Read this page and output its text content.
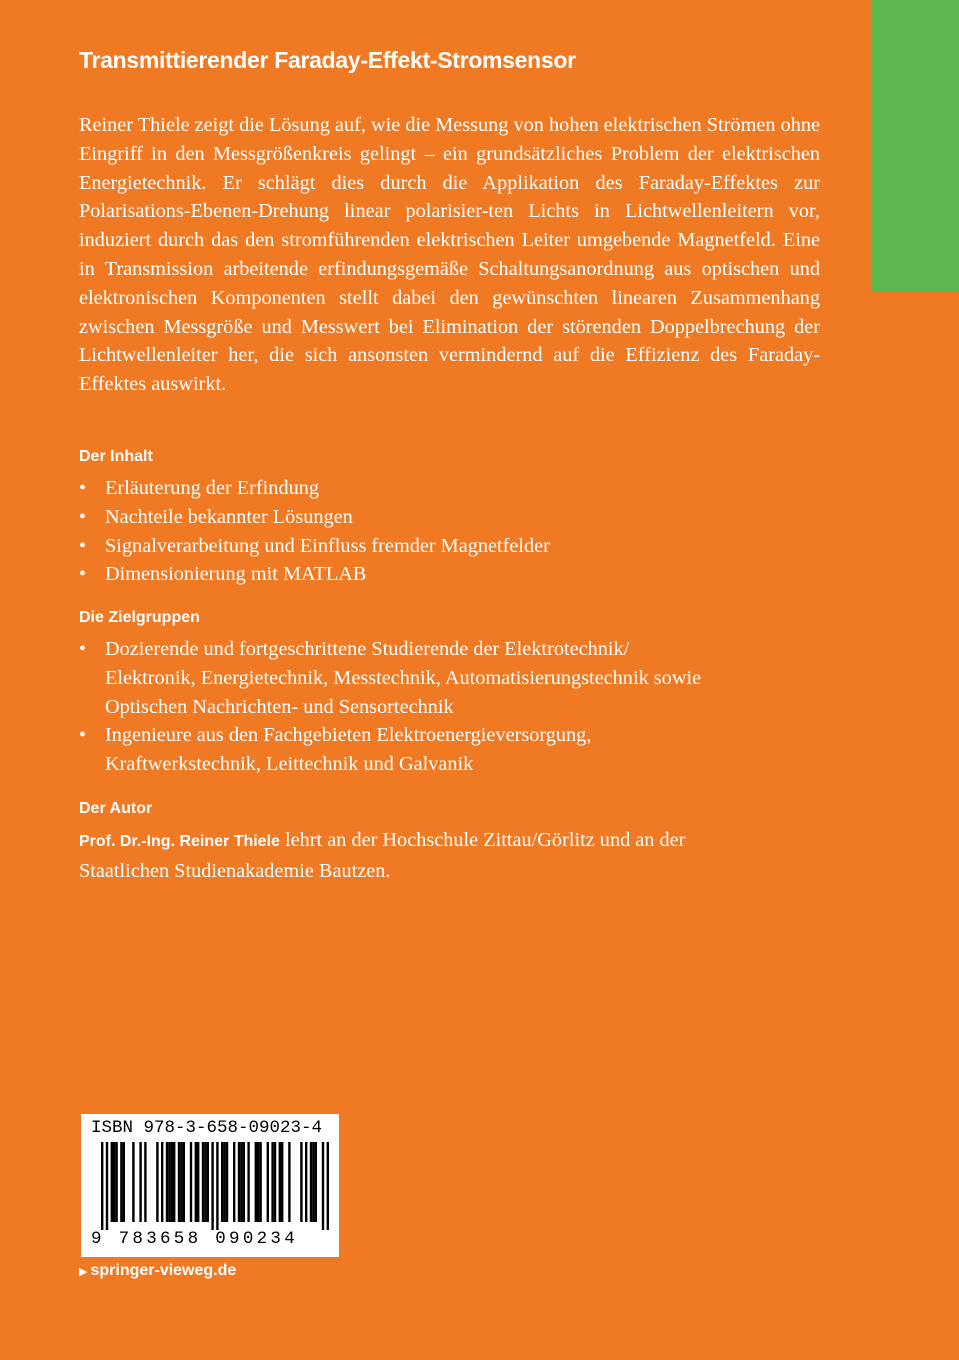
Transmittierender Faraday-Effekt-Stromsensor

Reiner Thiele zeigt die Lösung auf, wie die Messung von hohen elektrischen Strömen ohne Eingriff in den Messgrößenkreis gelingt – ein grundsätzliches Problem der elektrischen Energietechnik. Er schlägt dies durch die Applikation des Faraday-Effektes zur Polarisations-Ebenen-Drehung linear polarisier-ten Lichts in Lichtwellenleitern vor, induziert durch das den stromführenden elektrischen Leiter umgebende Magnetfeld. Eine in Transmission arbeitende erfindungsgemäße Schaltungsanordnung aus optischen und elektronischen Komponenten stellt dabei den gewünschten linearen Zusammenhang zwischen Messgröße und Messwert bei Elimination der störenden Doppelbrechung der Lichtwellenleiter her, die sich ansonsten vermindernd auf die Effizienz des Faraday-Effektes auswirkt.

Der Inhalt
• Erläuterung der Erfindung
• Nachteile bekannter Lösungen
• Signalverarbeitung und Einfluss fremder Magnetfelder
• Dimensionierung mit MATLAB
Die Zielgruppen
• Dozierende und fortgeschrittene Studierende der Elektrotechnik/
Elektronik, Energietechnik, Messtechnik, Automatisierungstechnik sowie
Optischen Nachrichten- und Sensortechnik
• Ingenieure aus den Fachgebieten Elektroenergieversorgung,
Kraftwerkstechnik, Leittechnik und Galvanik
Der Autor

Prof. Dr.-Ing. Reiner Thiele lehrt an der Hochschule Zittau/Görlitz und an der
Staatlichen Studienakademie Bautzen.

ISBN 978-3-658-09023-4

9 783658 090234

▶ springer-vieweg.de
